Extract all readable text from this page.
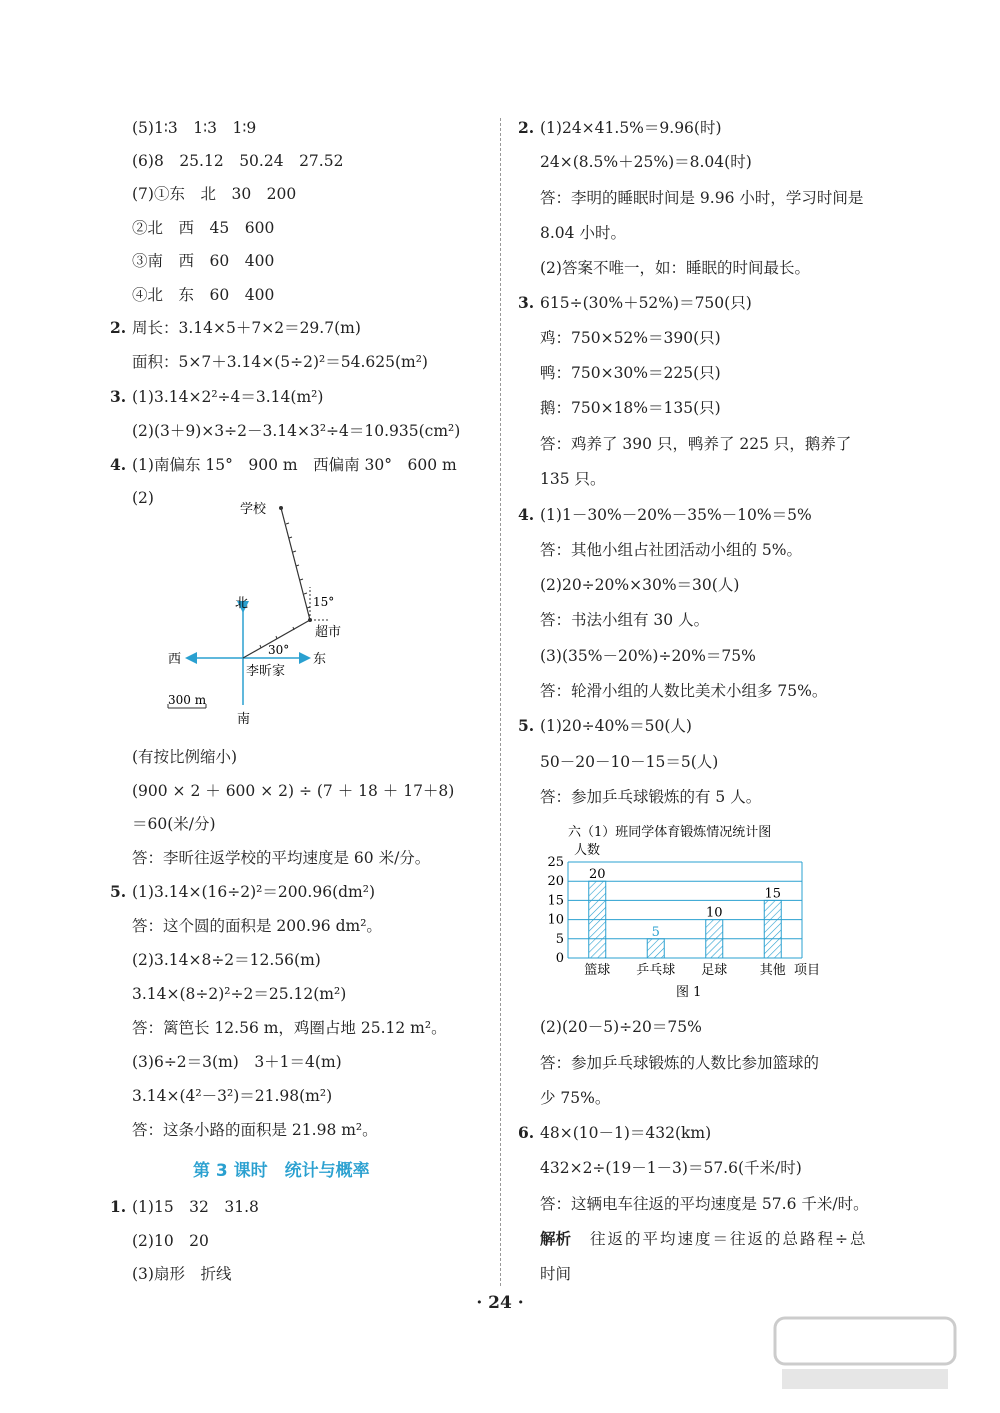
(5)1∶3　1∶3　1∶9
(6)8　25.12　50.24　27.52
(7)①东　北　30　200
②北　西　45　600
③南　西　60　400
④北　东　60　400
2. 周长：3.14×5＋7×2＝29.7(m)
面积：5×7＋3.14×(5÷2)²＝54.625(m²)
3. (1)3.14×2²÷4＝3.14(m²)
(2)(3＋9)×3÷2－3.14×3²÷4＝10.935(cm²)
4. (1)南偏东 15°　900 m　西偏南 30°　600 m
(2)
(有按比例缩小)
(900 × 2 ＋ 600 × 2) ÷ (7 ＋ 18 ＋ 17＋8)
＝60(米/分)
答：李昕往返学校的平均速度是 60 米/分。
5. (1)3.14×(16÷2)²＝200.96(dm²)
答：这个圆的面积是 200.96 dm²。
(2)3.14×8÷2＝12.56(m)
3.14×(8÷2)²÷2＝25.12(m²)
答：篱笆长 12.56 m，鸡圈占地 25.12 m²。
(3)6÷2＝3(m)　3＋1＝4(m)
3.14×(4²－3²)＝21.98(m²)
答：这条小路的面积是 21.98 m²。
1. (1)15　32　31.8
(2)10　20
(3)扇形　折线
第 3 课时　统计与概率
2. (1)24×41.5%＝9.96(时)
24×(8.5%＋25%)＝8.04(时)
答：李明的睡眠时间是 9.96 小时，学习时间是
8.04 小时。
(2)答案不唯一，如：睡眠的时间最长。
3. 615÷(30%＋52%)＝750(只)
鸡：750×52%＝390(只)
鸭：750×30%＝225(只)
鹅：750×18%＝135(只)
答：鸡养了 390 只，鸭养了 225 只，鹅养了
135 只。
4. (1)1－30%－20%－35%－10%＝5%
答：其他小组占社团活动小组的 5%。
(2)20÷20%×30%＝30(人)
答：书法小组有 30 人。
(3)(35%－20%)÷20%＝75%
答：轮滑小组的人数比美术小组多 75%。
5. (1)20÷40%＝50(人)
50－20－10－15＝5(人)
答：参加乒乓球锻炼的有 5 人。
(2)(20－5)÷20＝75%
答：参加乒乓球锻炼的人数比参加篮球的
少 75%。
6. 48×(10－1)＝432(km)
432×2÷(19－1－3)＝57.6(千米/时)
答：这辆电车往返的平均速度是 57.6 千米/时。
时间
解析 往返的平均速度＝往返的总路程÷总
学校
北	15°
超市
30°
西	东
李昕家
300 m
南
六（1）班同学体育锻炼情况统计图
人数
项目
图 1
0
5
10
15
20
25
20
篮球
5
乒乓球
10
足球
15
其他
· 24 ·
